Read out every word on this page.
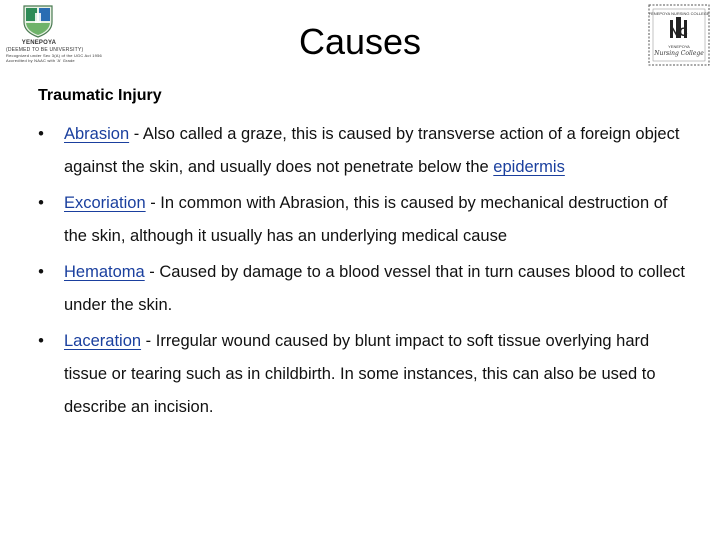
YENEPOYA
(DEEMED TO BE UNIVERSITY)
Recognized under Sec 3(A) of the UGC Act 1956
Accredited by NAAC with 'A' Grade
YENEPOYA NURSING COLLEGE
NC
YENEPOYA
Nursing College
Causes
Traumatic Injury
• Abrasion - Also called a graze, this is caused by transverse action of a foreign object against the skin, and usually does not penetrate below the epidermis
• Excoriation - In common with Abrasion, this is caused by mechanical destruction of the skin, although it usually has an underlying medical cause
• Hematoma - Caused by damage to a blood vessel that in turn causes blood to collect under the skin.
• Laceration - Irregular wound caused by blunt impact to soft tissue overlying hard tissue or tearing such as in childbirth. In some instances, this can also be used to describe an incision.
